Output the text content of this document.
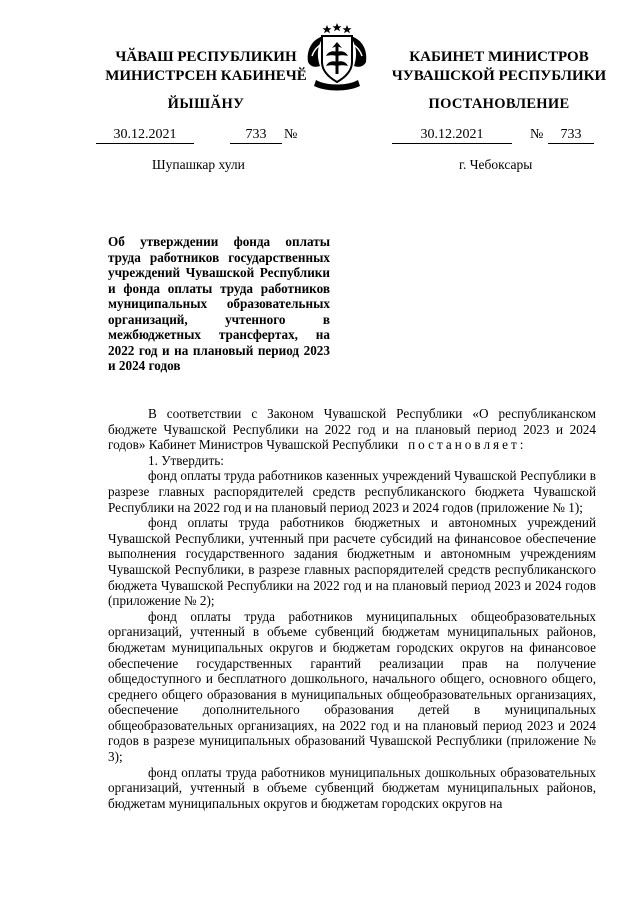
ЧӐВАШ РЕСПУБЛИКИН
МИНИСТРСЕН КАБИНЕЧӖ
КАБИНЕТ МИНИСТРОВ
ЧУВАШСКОЙ РЕСПУБЛИКИ
ЙЫШӐНУ	ПОСТАНОВЛЕНИЕ
30.12.2021	733	№	30.12.2021	№	733
Шупашкар хули	г. Чебоксары
Об утверждении фонда оплаты труда работников государственных учреждений Чувашской Республики и фонда оплаты труда работников муниципальных образовательных организаций, учтенного в межбюджетных трансфертах, на 2022 год и на плановый период 2023 и 2024 годов

В соответствии с Законом Чувашской Республики «О республиканском бюджете Чувашской Республики на 2022 год и на плановый период 2023 и 2024 годов» Кабинет Министров Чувашской Республики постановляет:

1. Утвердить:

фонд оплаты труда работников казенных учреждений Чувашской Республики в разрезе главных распорядителей средств республиканского бюджета Чувашской Республики на 2022 год и на плановый период 2023 и 2024 годов (приложение № 1);

фонд оплаты труда работников бюджетных и автономных учреждений Чувашской Республики, учтенный при расчете субсидий на финансовое обеспечение выполнения государственного задания бюджетным и автономным учреждениям Чувашской Республики, в разрезе главных распорядителей средств республиканского бюджета Чувашской Республики на 2022 год и на плановый период 2023 и 2024 годов (приложение № 2);

фонд оплаты труда работников муниципальных общеобразовательных организаций, учтенный в объеме субвенций бюджетам муниципальных районов, бюджетам муниципальных округов и бюджетам городских округов на финансовое обеспечение государственных гарантий реализации прав на получение общедоступного и бесплатного дошкольного, начального общего, основного общего, среднего общего образования в муниципальных общеобразовательных организациях, обеспечение дополнительного образования детей в муниципальных общеобразовательных организациях, на 2022 год и на плановый период 2023 и 2024 годов в разрезе муниципальных образований Чувашской Республики (приложение № 3);

фонд оплаты труда работников муниципальных дошкольных образовательных организаций, учтенный в объеме субвенций бюджетам муниципальных районов, бюджетам муниципальных округов и бюджетам городских округов на
